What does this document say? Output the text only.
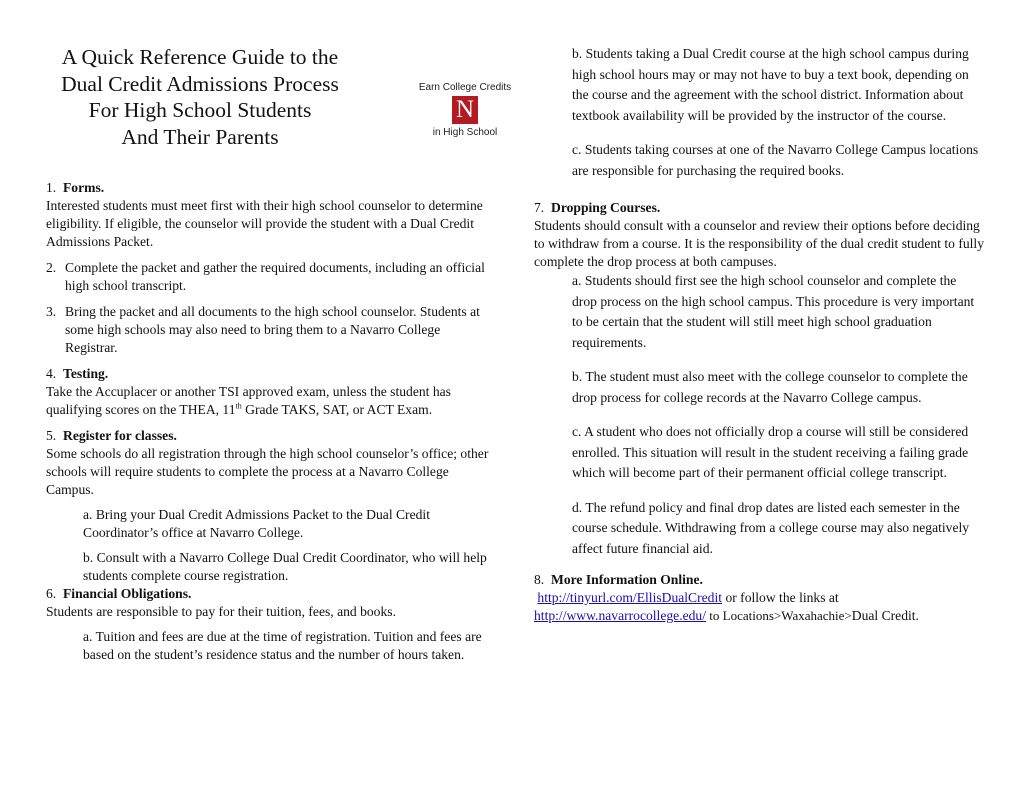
A Quick Reference Guide to the
Dual Credit Admissions Process
For High School Students
And Their Parents
Earn College Credits
N
in High School

1. Forms.

Interested students must meet first with their high school counselor to determine eligibility. If eligible, the counselor will provide the student with a Dual Credit Admissions Packet.

2. Complete the packet and gather the required documents, including an official high school transcript.
3. Bring the packet and all documents to the high school counselor. Students at some high schools may also need to bring them to a Navarro College Registrar.

4. Testing.

Take the Accuplacer or another TSI approved exam, unless the student has qualifying scores on the THEA, 11th Grade TAKS, SAT, or ACT Exam.

5. Register for classes.

Some schools do all registration through the high school counselor’s office; other schools will require students to complete the process at a Navarro College Campus.

a. Bring your Dual Credit Admissions Packet to the Dual Credit Coordinator’s office at Navarro College.

b. Consult with a Navarro College Dual Credit Coordinator, who will help students complete course registration.

6. Financial Obligations.

Students are responsible to pay for their tuition, fees, and books.

a. Tuition and fees are due at the time of registration. Tuition and fees are based on the student’s residence status and the number of hours taken.

b. Students taking a Dual Credit course at the high school campus during high school hours may or may not have to buy a text book, depending on the course and the agreement with the school district. Information about textbook availability will be provided by the instructor of the course.

c. Students taking courses at one of the Navarro College Campus locations are responsible for purchasing the required books.

7. Dropping Courses.

Students should consult with a counselor and review their options before deciding to withdraw from a course. It is the responsibility of the dual credit student to fully complete the drop process at both campuses.

a. Students should first see the high school counselor and complete the drop process on the high school campus. This procedure is very important to be certain that the student will still meet high school graduation requirements.

b. The student must also meet with the college counselor to complete the drop process for college records at the Navarro College campus.

c. A student who does not officially drop a course will still be considered enrolled. This situation will result in the student receiving a failing grade which will become part of their permanent official college transcript.

d. The refund policy and final drop dates are listed each semester in the course schedule. Withdrawing from a college course may also negatively affect future financial aid.

8. More Information Online.

http://tinyurl.com/EllisDualCredit or follow the links at

http://www.navarrocollege.edu/ to Locations>Waxahachie>Dual Credit.
